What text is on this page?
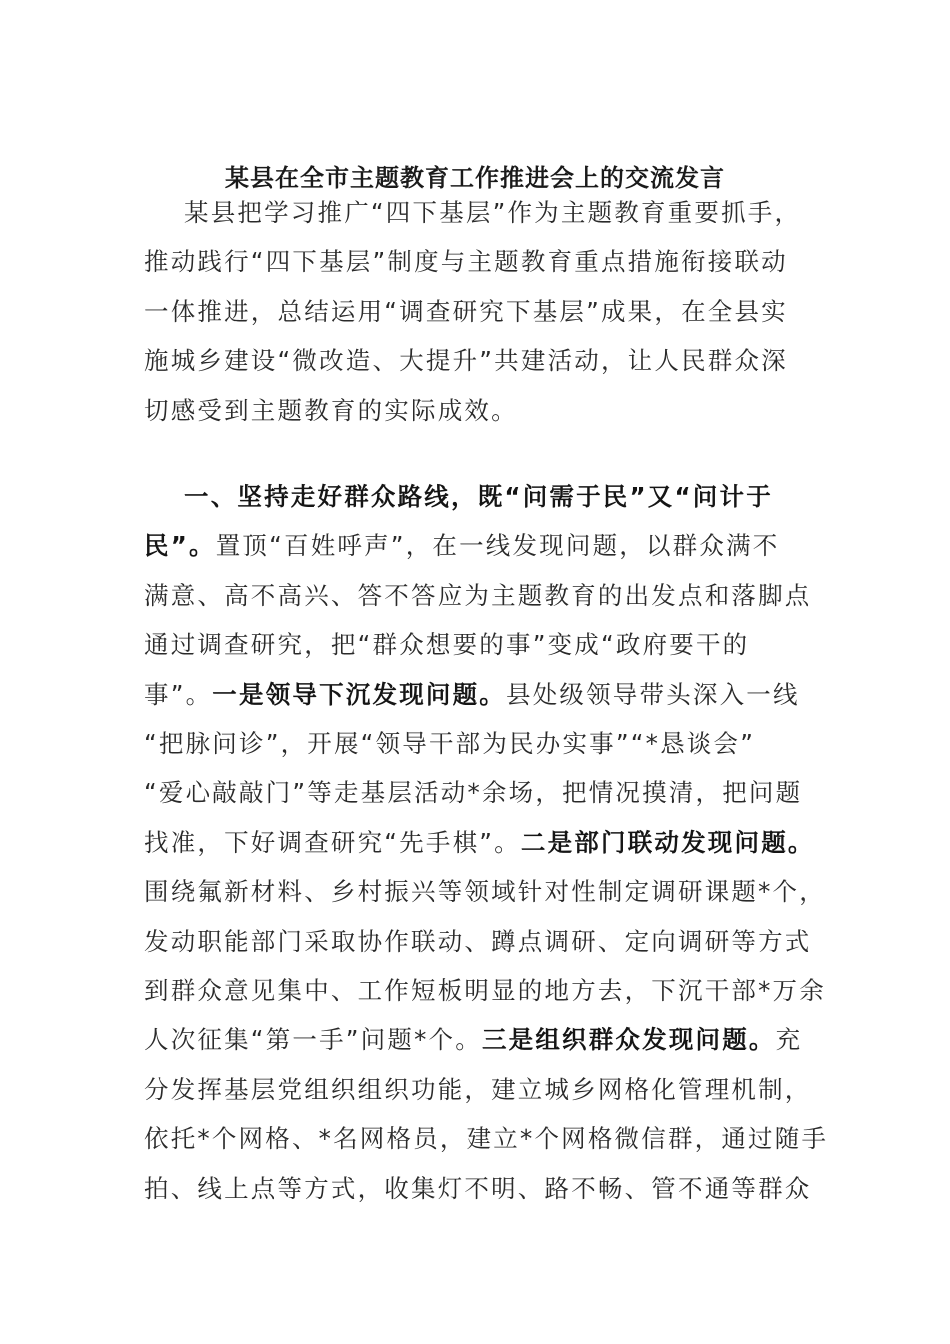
某县在全市主题教育工作推进会上的交流发言
某县把学习推广“四下基层”作为主题教育重要抓手，
推动践行“四下基层”制度与主题教育重点措施衔接联动
一体推进，总结运用“调查研究下基层”成果，在全县实
施城乡建设“微改造、大提升”共建活动，让人民群众深
切感受到主题教育的实际成效。
一、坚持走好群众路线，既“问需于民”又“问计于
民”。置顶“百姓呼声”，在一线发现问题，以群众满不
满意、高不高兴、答不答应为主题教育的出发点和落脚点
通过调查研究，把“群众想要的事”变成“政府要干的
事”。一是领导下沉发现问题。县处级领导带头深入一线
“把脉问诊”，开展“领导干部为民办实事”“*恳谈会”
“爱心敲敲门”等走基层活动*余场，把情况摸清，把问题
找准，下好调查研究“先手棋”。二是部门联动发现问题。
围绕氟新材料、乡村振兴等领域针对性制定调研课题*个，
发动职能部门采取协作联动、蹲点调研、定向调研等方式
到群众意见集中、工作短板明显的地方去，下沉干部*万余
人次征集“第一手”问题*个。三是组织群众发现问题。充
分发挥基层党组织组织功能，建立城乡网格化管理机制，
依托*个网格、*名网格员，建立*个网格微信群，通过随手
拍、线上点等方式，收集灯不明、路不畅、管不通等群众
